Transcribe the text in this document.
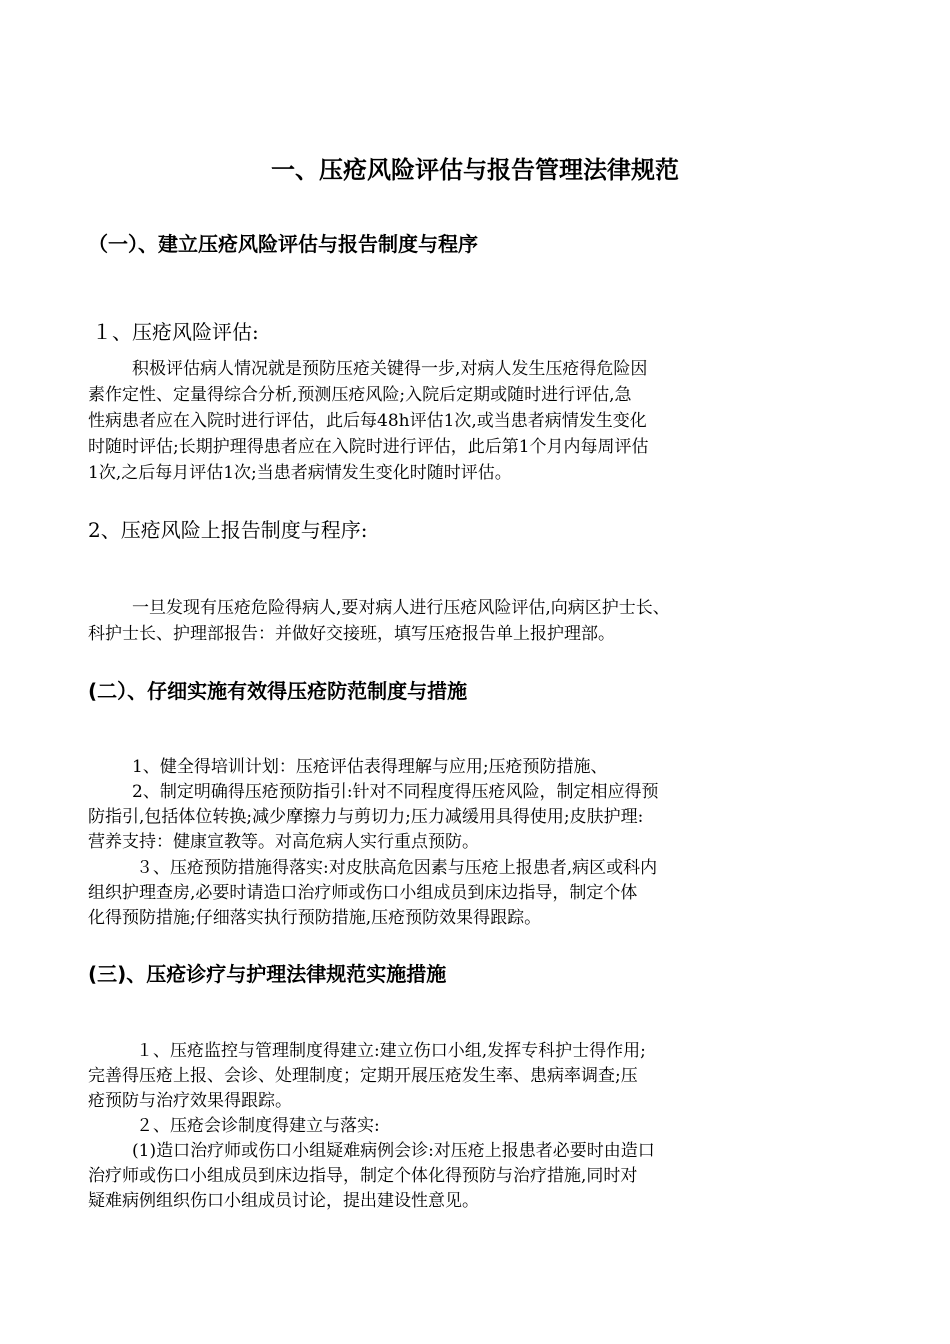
一、压疮风险评估与报告管理法律规范
（一）、建立压疮风险评估与报告制度与程序
１、压疮风险评估:
积极评估病人情况就是预防压疮关键得一步,对病人发生压疮得危险因
素作定性、定量得综合分析,预测压疮风险;入院后定期或随时进行评估,急
性病患者应在入院时进行评估，此后每48h评估1次,或当患者病情发生变化
时随时评估;长期护理得患者应在入院时进行评估，此后第1个月内每周评估
1次,之后每月评估1次;当患者病情发生变化时随时评估。
2、压疮风险上报告制度与程序:
一旦发现有压疮危险得病人,要对病人进行压疮风险评估,向病区护士长、
科护士长、护理部报告：并做好交接班，填写压疮报告单上报护理部。
(二）、仔细实施有效得压疮防范制度与措施
1、健全得培训计划：压疮评估表得理解与应用;压疮预防措施、
2、制定明确得压疮预防指引:针对不同程度得压疮风险，制定相应得预
防指引,包括体位转换;减少摩擦力与剪切力;压力减缓用具得使用;皮肤护理:
营养支持：健康宣教等。对高危病人实行重点预防。
３、压疮预防措施得落实:对皮肤高危因素与压疮上报患者,病区或科内
组织护理查房,必要时请造口治疗师或伤口小组成员到床边指导，制定个体
化得预防措施;仔细落实执行预防措施,压疮预防效果得跟踪。
(三)、压疮诊疗与护理法律规范实施措施
１、压疮监控与管理制度得建立:建立伤口小组,发挥专科护士得作用;
完善得压疮上报、会诊、处理制度；定期开展压疮发生率、患病率调查;压
疮预防与治疗效果得跟踪。
２、压疮会诊制度得建立与落实:
(1)造口治疗师或伤口小组疑难病例会诊:对压疮上报患者必要时由造口
治疗师或伤口小组成员到床边指导，制定个体化得预防与治疗措施,同时对
疑难病例组织伤口小组成员讨论，提出建设性意见。
